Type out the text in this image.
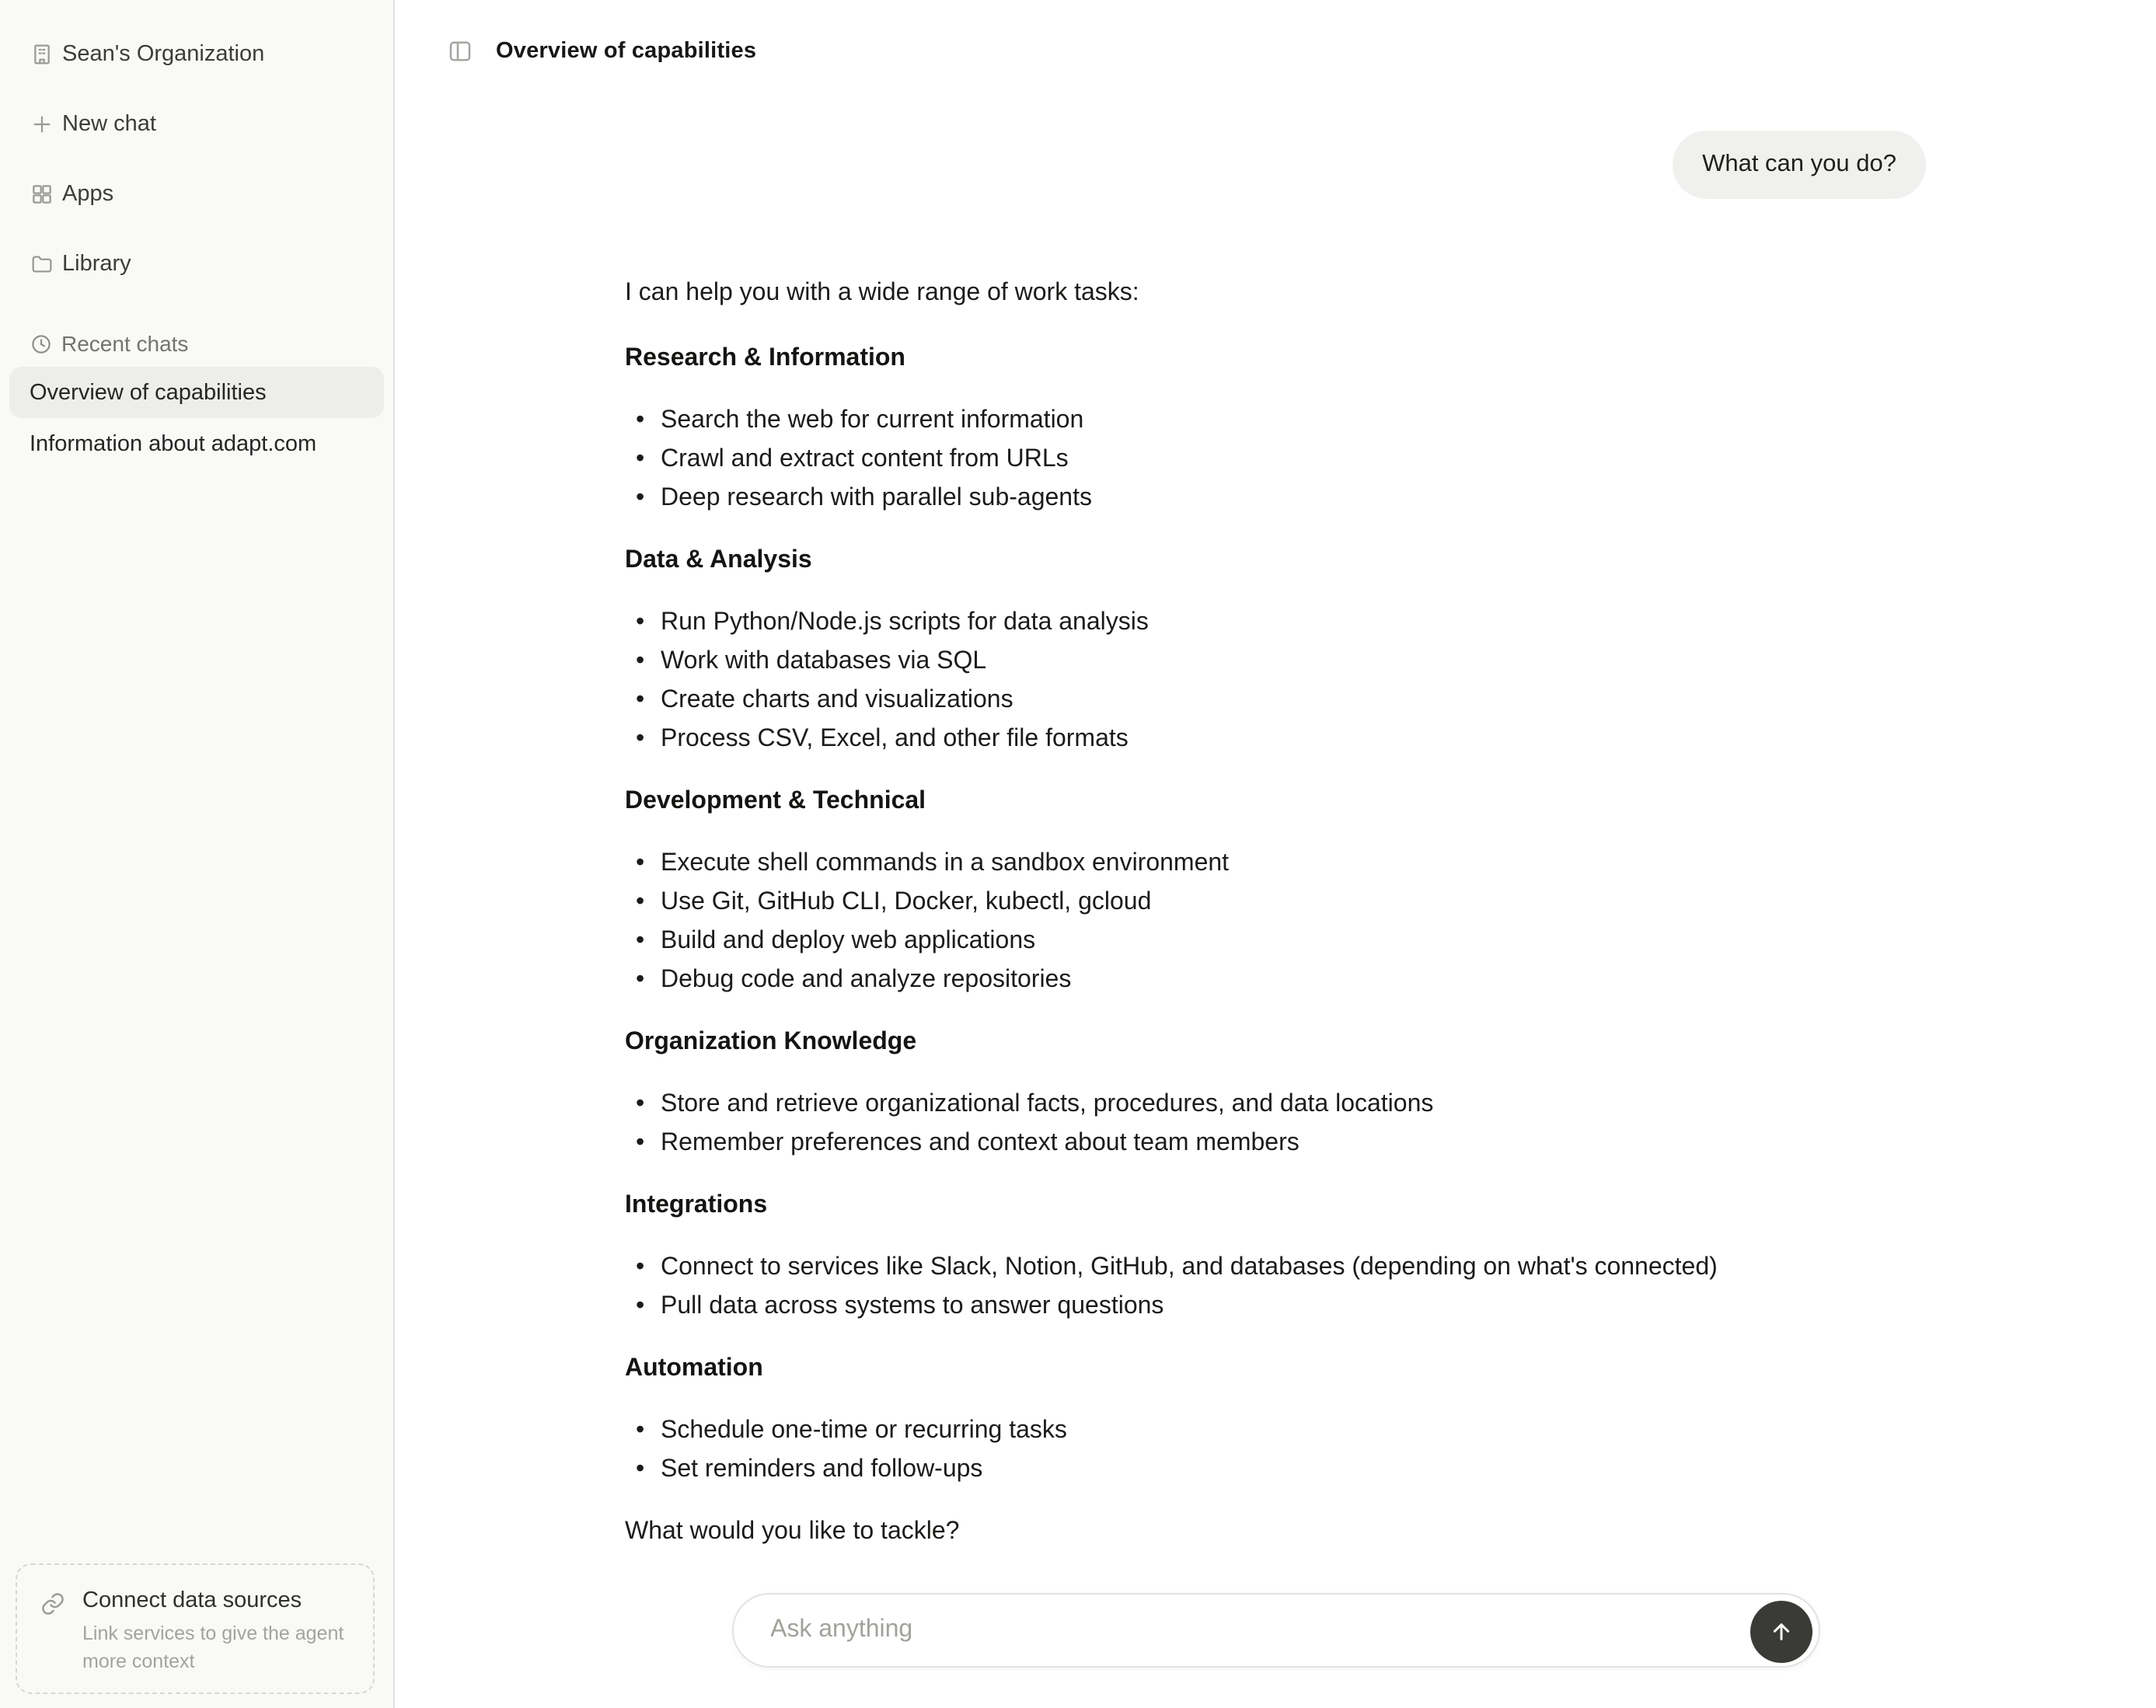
Sean's Organization
New chat
Apps
Library
Recent chats
Overview of capabilities
Information about adapt.com
Connect data sources
Link services to give the agent more context
Overview of capabilities
What can you do?

I can help you with a wide range of work tasks:

Research & Information
• Search the web for current information
• Crawl and extract content from URLs
• Deep research with parallel sub-agents
Data & Analysis
• Run Python/Node.js scripts for data analysis
• Work with databases via SQL
• Create charts and visualizations
• Process CSV, Excel, and other file formats
Development & Technical
• Execute shell commands in a sandbox environment
• Use Git, GitHub CLI, Docker, kubectl, gcloud
• Build and deploy web applications
• Debug code and analyze repositories
Organization Knowledge
• Store and retrieve organizational facts, procedures, and data locations
• Remember preferences and context about team members
Integrations
• Connect to services like Slack, Notion, GitHub, and databases (depending on what's connected)
• Pull data across systems to answer questions
Automation
• Schedule one-time or recurring tasks
• Set reminders and follow-ups

What would you like to tackle?

Ask anything
